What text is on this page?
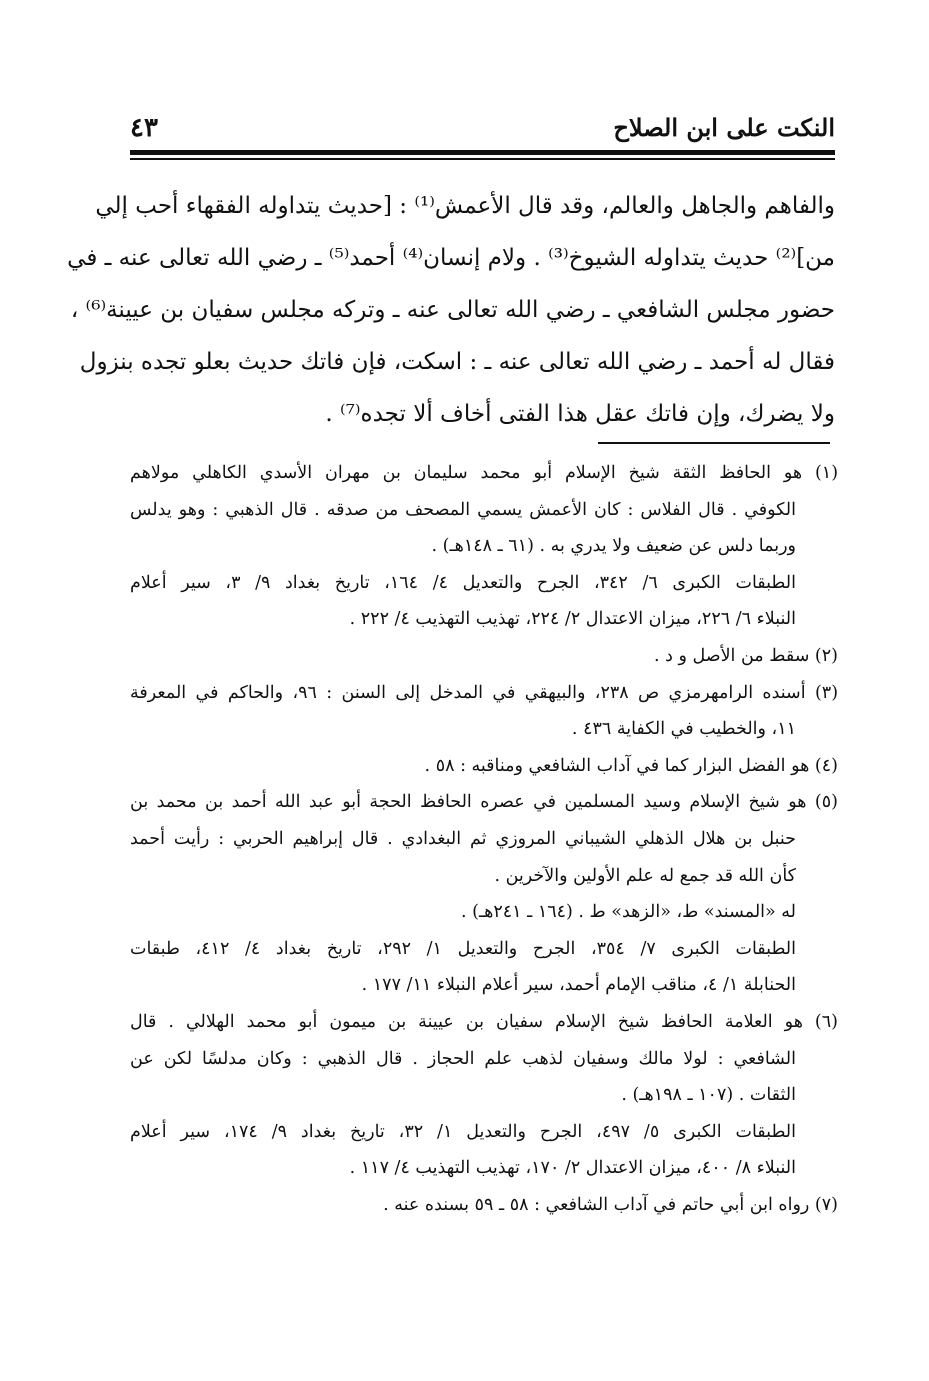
النكت على ابن الصلاح
٤٣
والفاهم والجاهل والعالم، وقد قال الأعمش⁽¹⁾ : [حديث يتداوله الفقهاء أحب إلي
من]⁽²⁾ حديث يتداوله الشيوخ⁽³⁾ . ولام إنسان⁽⁴⁾ أحمد⁽⁵⁾ ـ رضي الله تعالى عنه ـ في
حضور مجلس الشافعي ـ رضي الله تعالى عنه ـ وتركه مجلس سفيان بن عيينة⁽⁶⁾ ،
فقال له أحمد ـ رضي الله تعالى عنه ـ : اسكت، فإن فاتك حديث بعلو تجده بنزول
ولا يضرك، وإن فاتك عقل هذا الفتى أخاف ألا تجده⁽⁷⁾ .
(١) هو الحافظ الثقة شيخ الإسلام أبو محمد سليمان بن مهران الأسدي الكاهلي مولاهم
الكوفي . قال الفلاس : كان الأعمش يسمي المصحف من صدقه . قال الذهبي : وهو يدلس
وربما دلس عن ضعيف ولا يدري به . (٦١ ـ ١٤٨هـ) .
الطبقات الكبرى ٦/ ٣٤٢، الجرح والتعديل ٤/ ١٦٤، تاريخ بغداد ٩/ ٣، سير أعلام
النبلاء ٦/ ٢٢٦، ميزان الاعتدال ٢/ ٢٢٤، تهذيب التهذيب ٤/ ٢٢٢ .
(٢) سقط من الأصل و د .
(٣) أسنده الرامهرمزي ص ٢٣٨، والبيهقي في المدخل إلى السنن : ٩٦، والحاكم في المعرفة
١١، والخطيب في الكفاية ٤٣٦ .
(٤) هو الفضل البزار كما في آداب الشافعي ومناقبه : ٥٨ .
(٥) هو شيخ الإسلام وسيد المسلمين في عصره الحافظ الحجة أبو عبد الله أحمد بن محمد بن
حنبل بن هلال الذهلي الشيباني المروزي ثم البغدادي . قال إبراهيم الحربي : رأيت أحمد
كأن الله قد جمع له علم الأولين والآخرين .
له «المسند» ط، «الزهد» ط . (١٦٤ ـ ٢٤١هـ) .
الطبقات الكبرى ٧/ ٣٥٤، الجرح والتعديل ١/ ٢٩٢، تاريخ بغداد ٤/ ٤١٢، طبقات
الحنابلة ١/ ٤، مناقب الإمام أحمد، سير أعلام النبلاء ١١/ ١٧٧ .
(٦) هو العلامة الحافظ شيخ الإسلام سفيان بن عيينة بن ميمون أبو محمد الهلالي . قال
الشافعي : لولا مالك وسفيان لذهب علم الحجاز . قال الذهبي : وكان مدلسًا لكن عن
الثقات . (١٠٧ ـ ١٩٨هـ) .
الطبقات الكبرى ٥/ ٤٩٧، الجرح والتعديل ١/ ٣٢، تاريخ بغداد ٩/ ١٧٤، سير أعلام
النبلاء ٨/ ٤٠٠، ميزان الاعتدال ٢/ ١٧٠، تهذيب التهذيب ٤/ ١١٧ .
(٧) رواه ابن أبي حاتم في آداب الشافعي : ٥٨ ـ ٥٩ بسنده عنه .
